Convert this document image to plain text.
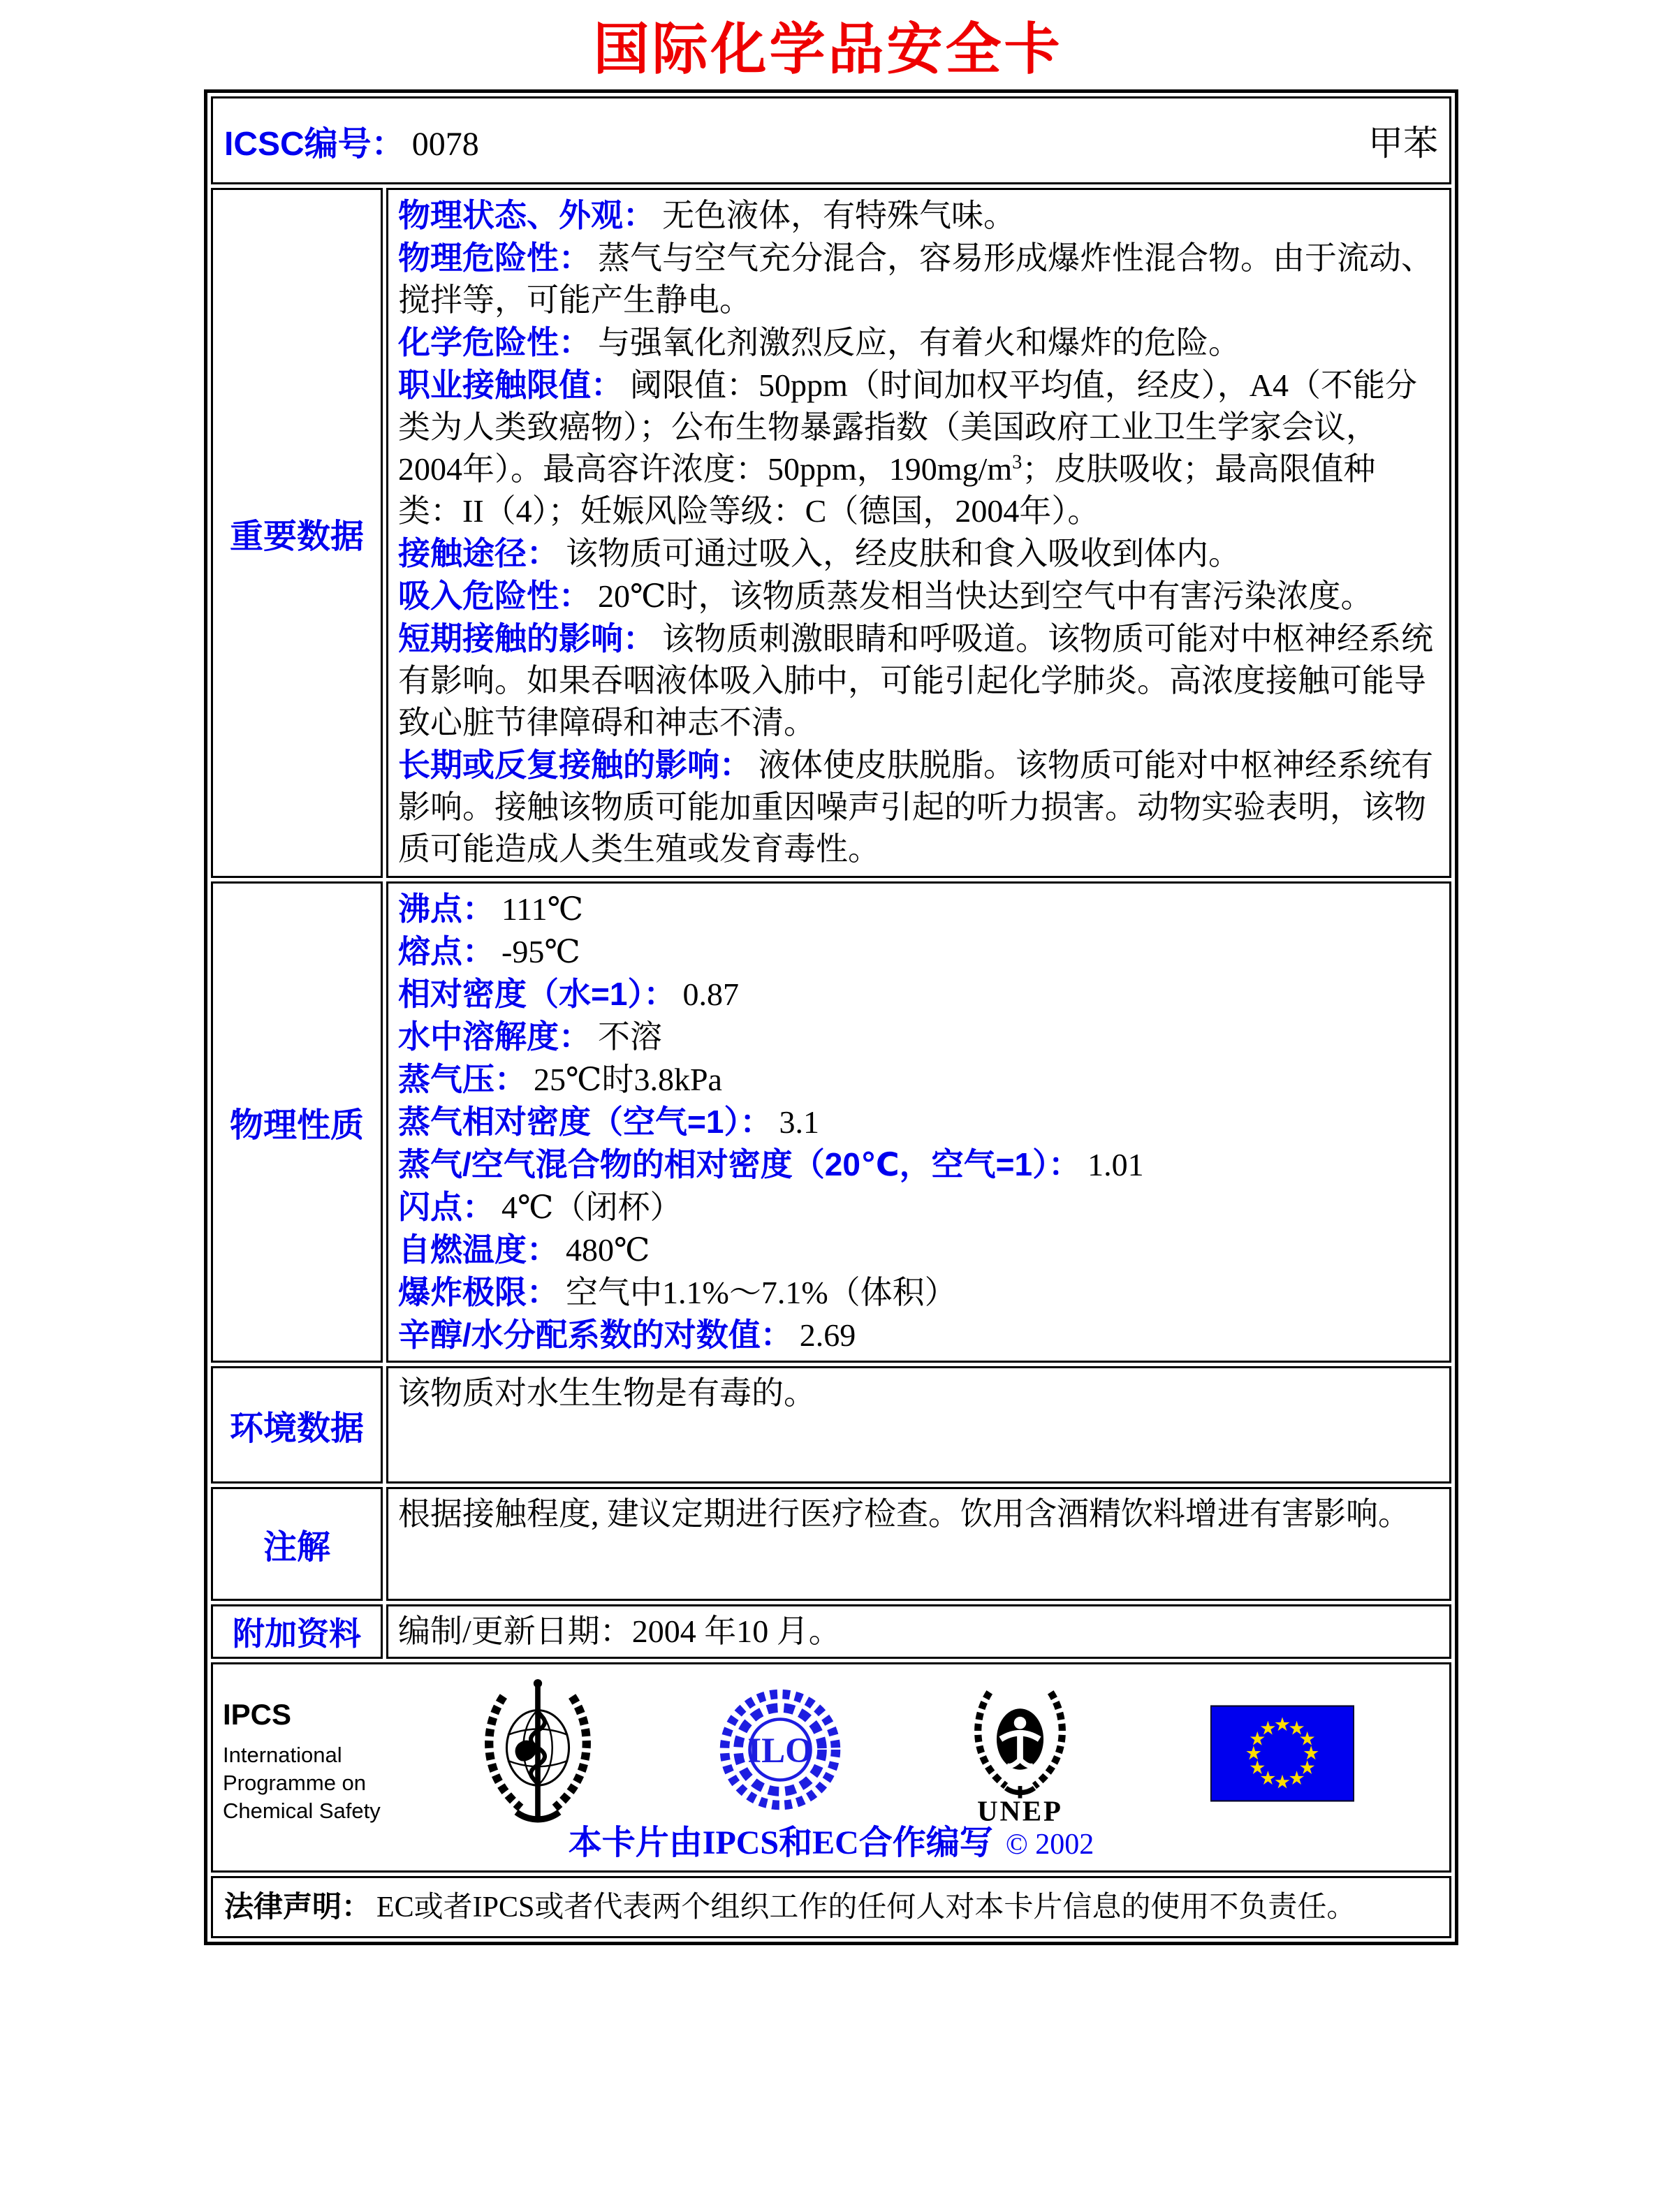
国际化学品安全卡
ICSC编号： 0078 甲苯	

重要数据	
物理状态、外观： 无色液体，有特殊气味。
物理危险性： 蒸气与空气充分混合，容易形成爆炸性混合物。由于流动、搅拌等，可能产生静电。
化学危险性： 与强氧化剂激烈反应，有着火和爆炸的危险。
职业接触限值： 阈限值：50ppm（时间加权平均值，经皮），A4（不能分类为人类致癌物）；公布生物暴露指数（美国政府工业卫生学家会议，2004年）。最高容许浓度：50ppm，$190mg/m^3$；皮肤吸收；最高限值种类：II（4）；妊娠风险等级：C（德国，2004年）。
接触途径： 该物质可通过吸入，经皮肤和食入吸收到体内。
吸入危险性： 20℃时，该物质蒸发相当快达到空气中有害污染浓度。
短期接触的影响： 该物质刺激眼睛和呼吸道。该物质可能对中枢神经系统有影响。如果吞咽液体吸入肺中，可能引起化学肺炎。高浓度接触可能导致心脏节律障碍和神志不清。
长期或反复接触的影响： 液体使皮肤脱脂。该物质可能对中枢神经系统有影响。接触该物质可能加重因噪声引起的听力损害。动物实验表明，该物质可能造成人类生殖或发育毒性。

物理性质	
沸点： 111℃
熔点： -95℃
相对密度（水=1）： 0.87
水中溶解度： 不溶
蒸气压： 25℃时3.8kPa
蒸气相对密度（空气=1）： 3.1
蒸气/空气混合物的相对密度（20℃，空气=1）： 1.01
闪点： 4℃（闭杯）
自燃温度： 480℃
爆炸极限： 空气中1.1%～7.1%（体积）
辛醇/水分配系数的对数值： 2.69

环境数据	该物质对水生生物是有毒的。
注解	根据接触程度, 建议定期进行医疗检查。饮用含酒精饮料增进有害影响。
附加资料	编制/更新日期：2004 年10 月。

IPCS
International
Programme on
Chemical Safety
ILO
UNEP
本卡片由IPCS和EC合作编写 © 2002

法律声明： EC或者IPCS或者代表两个组织工作的任何人对本卡片信息的使用不负责任。	
